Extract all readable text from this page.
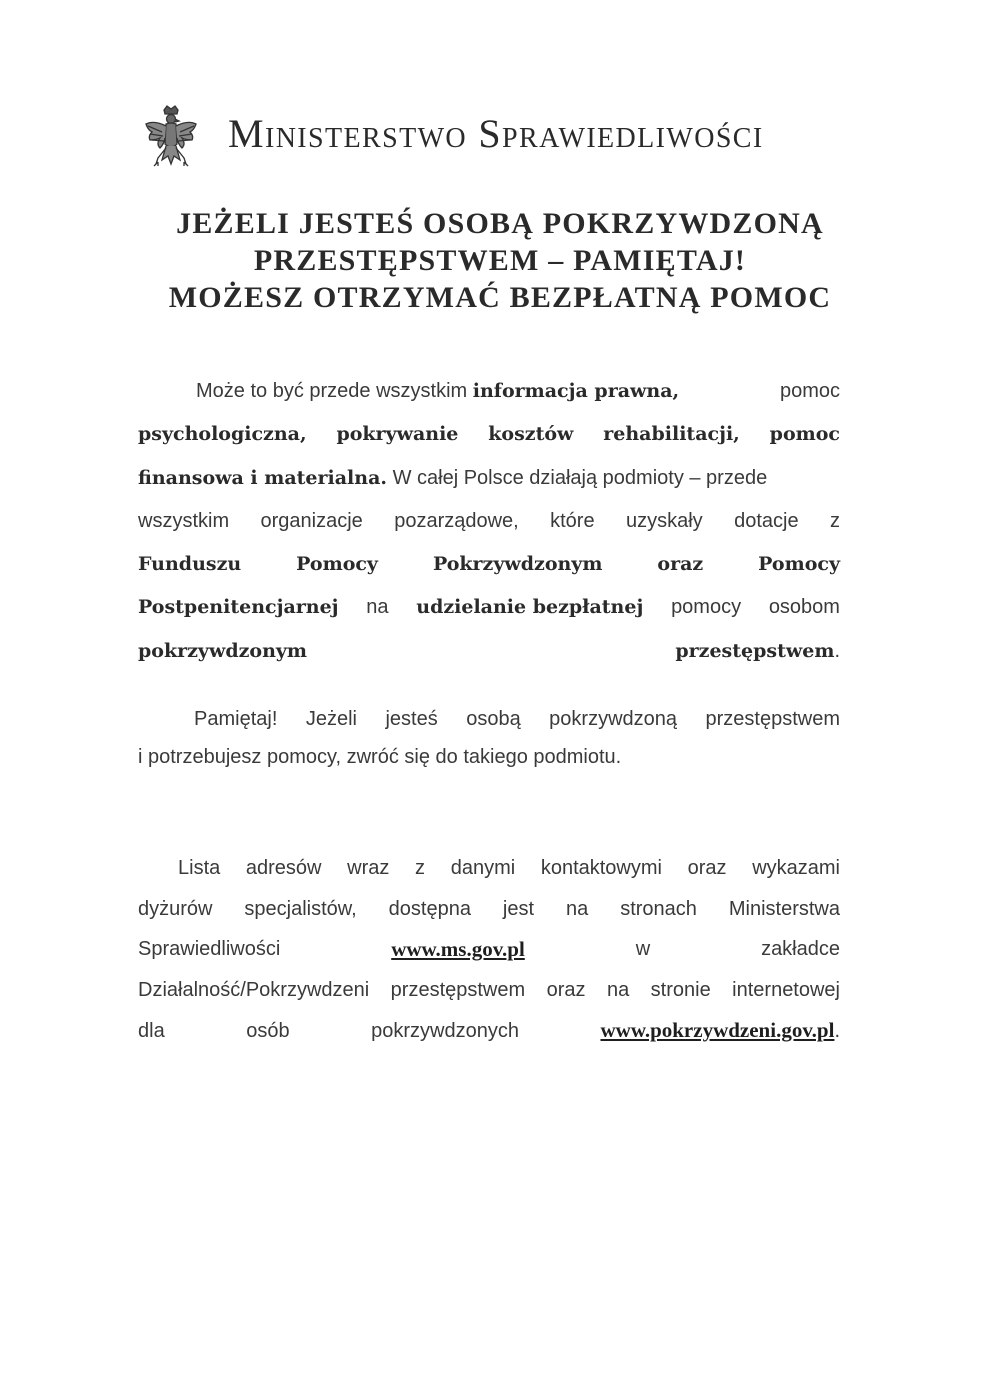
Ministerstwo Sprawiedliwości
JEŻELI JESTEŚ OSOBĄ POKRZYWDZONĄ
PRZESTĘPSTWEM – PAMIĘTAJ!
MOŻESZ OTRZYMAĆ BEZPŁATNĄ POMOC
Może to być przede wszystkim informacja prawna,	pomoc
psychologiczna, pokrywanie kosztów rehabilitacji, pomoc
finansowa i materialna. W całej Polsce działają podmioty – przede
wszystkim organizacje pozarządowe, które uzyskały dotacje z
Funduszu	Pomocy	Pokrzywdzonym	oraz	Pomocy
Postpenitencjarnej na udzielanie bezpłatnej pomocy osobom
pokrzywdzonym przestępstwem.
Pamiętaj! Jeżeli jesteś osobą pokrzywdzoną przestępstwem
i potrzebujesz pomocy, zwróć się do takiego podmiotu.
Lista adresów wraz z danymi kontaktowymi oraz wykazami
dyżurów specjalistów, dostępna jest na stronach Ministerstwa
Sprawiedliwości	www.ms.gov.pl	w	zakładce
Działalność/Pokrzywdzeni przestępstwem oraz na stronie internetowej
dla osób pokrzywdzonych www.pokrzywdzeni.gov.pl.
